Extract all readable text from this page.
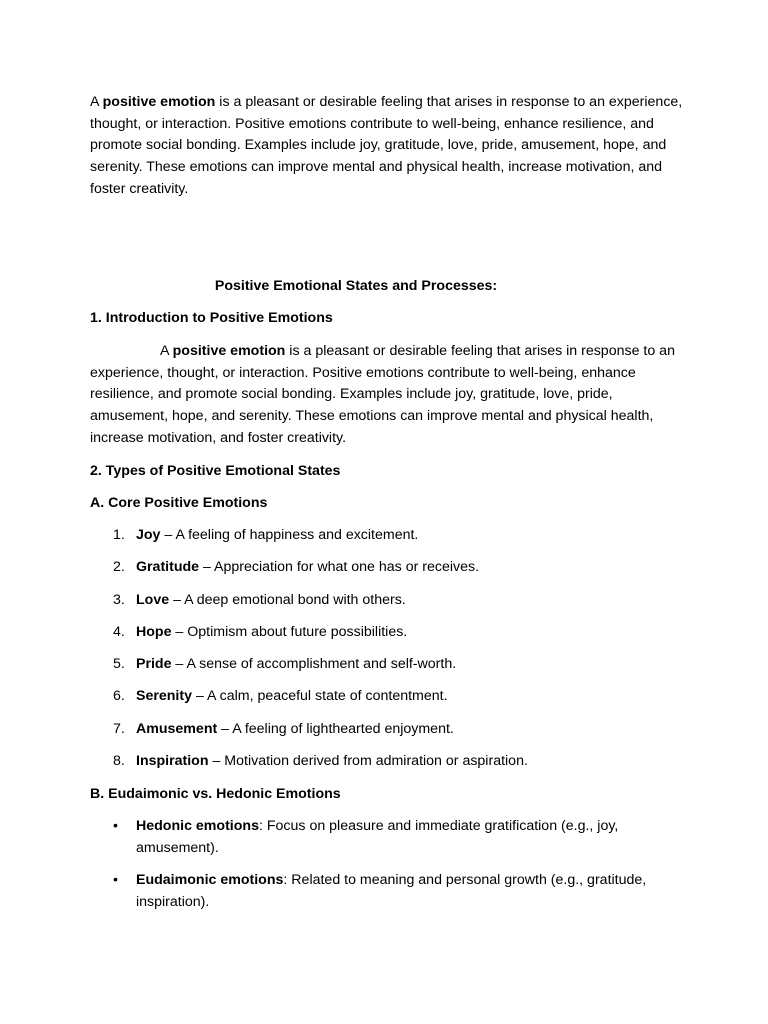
A positive emotion is a pleasant or desirable feeling that arises in response to an experience, thought, or interaction. Positive emotions contribute to well-being, enhance resilience, and promote social bonding. Examples include joy, gratitude, love, pride, amusement, hope, and serenity. These emotions can improve mental and physical health, increase motivation, and foster creativity.

Positive Emotional States and Processes:
1. Introduction to Positive Emotions

A positive emotion is a pleasant or desirable feeling that arises in response to an experience, thought, or interaction. Positive emotions contribute to well-being, enhance resilience, and promote social bonding. Examples include joy, gratitude, love, pride, amusement, hope, and serenity. These emotions can improve mental and physical health, increase motivation, and foster creativity.

2. Types of Positive Emotional States
A. Core Positive Emotions
1. Joy – A feeling of happiness and excitement.
2. Gratitude – Appreciation for what one has or receives.
3. Love – A deep emotional bond with others.
4. Hope – Optimism about future possibilities.
5. Pride – A sense of accomplishment and self-worth.
6. Serenity – A calm, peaceful state of contentment.
7. Amusement – A feeling of lighthearted enjoyment.
8. Inspiration – Motivation derived from admiration or aspiration.
B. Eudaimonic vs. Hedonic Emotions
• Hedonic emotions: Focus on pleasure and immediate gratification (e.g., joy, amusement).
• Eudaimonic emotions: Related to meaning and personal growth (e.g., gratitude, inspiration).
